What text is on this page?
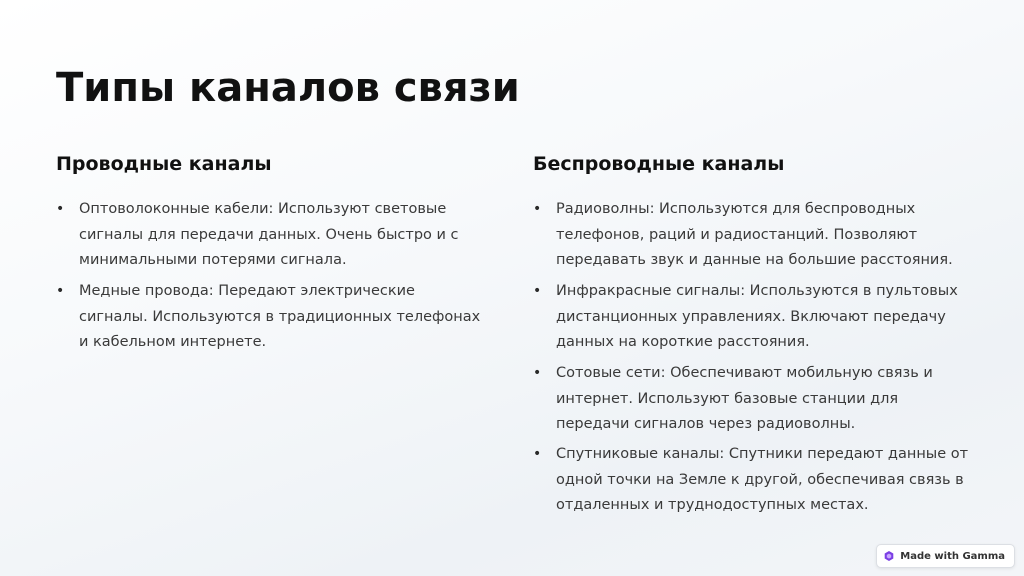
Типы каналов связи
Проводные каналы
• Оптоволоконные кабели: Используют световые сигналы для передачи данных. Очень быстро и с минимальными потерями сигнала.
• Медные провода: Передают электрические сигналы. Используются в традиционных телефонах и кабельном интернете.
Беспроводные каналы
• Радиоволны: Используются для беспроводных телефонов, раций и радиостанций. Позволяют передавать звук и данные на большие расстояния.
• Инфракрасные сигналы: Используются в пультовых дистанционных управлениях. Включают передачу данных на короткие расстояния.
• Сотовые сети: Обеспечивают мобильную связь и интернет. Используют базовые станции для передачи сигналов через радиоволны.
• Спутниковые каналы: Спутники передают данные от одной точки на Земле к другой, обеспечивая связь в отдаленных и труднодоступных местах.
Made with Gamma
